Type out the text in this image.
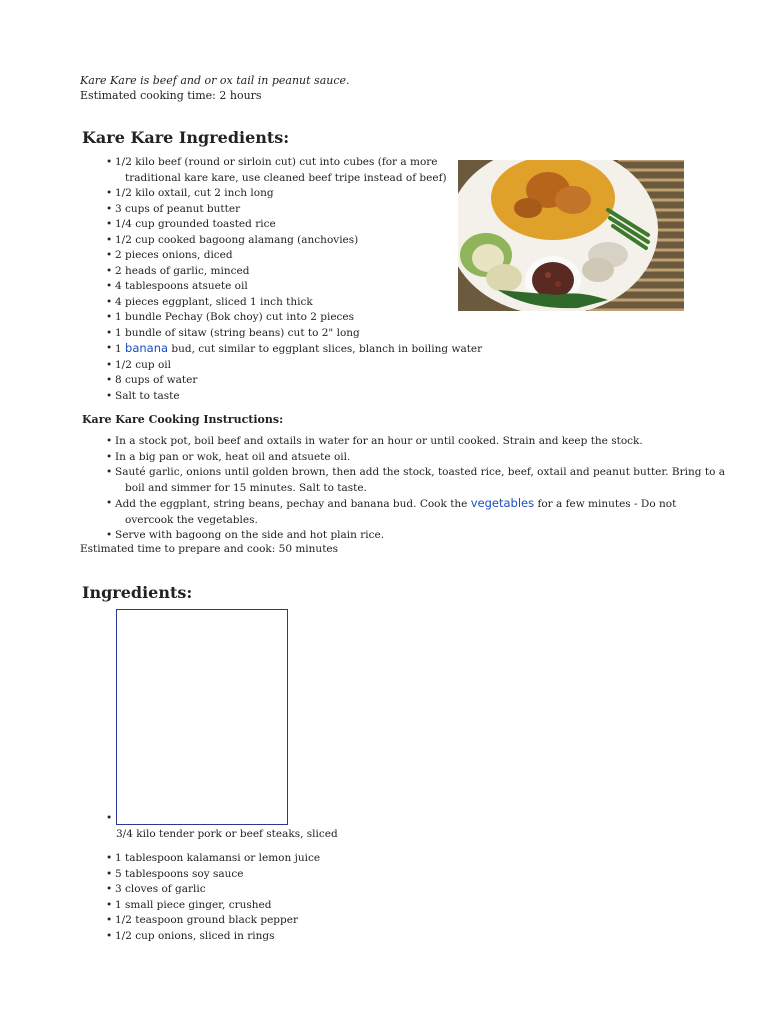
Kare Kare is beef and or ox tail in peanut sauce.
Estimated cooking time: 2 hours
Kare Kare Ingredients:
• 1/2 kilo beef (round or sirloin cut) cut into cubes (for a more
traditional kare kare, use cleaned beef tripe instead of beef)
• 1/2 kilo oxtail, cut 2 inch long
• 3 cups of peanut butter
• 1/4 cup grounded toasted rice
• 1/2 cup cooked bagoong alamang (anchovies)
• 2 pieces onions, diced
• 2 heads of garlic, minced
• 4 tablespoons atsuete oil
• 4 pieces eggplant, sliced 1 inch thick
• 1 bundle Pechay (Bok choy) cut into 2 pieces
• 1 bundle of sitaw (string beans) cut to 2" long
• 1 banana bud, cut similar to eggplant slices, blanch in boiling water
• 1/2 cup oil
• 8 cups of water
• Salt to taste
Kare Kare Cooking Instructions:
• In a stock pot, boil beef and oxtails in water for an hour or until cooked. Strain and keep the stock.
• In a big pan or wok, heat oil and atsuete oil.
• Sauté garlic, onions until golden brown, then add the stock, toasted rice, beef, oxtail and peanut butter. Bring to a
boil and simmer for 15 minutes. Salt to taste.
• Add the eggplant, string beans, pechay and banana bud. Cook the vegetables for a few minutes - Do not
overcook the vegetables.
• Serve with bagoong on the side and hot plain rice.
Estimated time to prepare and cook: 50 minutes
Ingredients:
•
3/4 kilo tender pork or beef steaks, sliced
• 1 tablespoon kalamansi or lemon juice
• 5 tablespoons soy sauce
• 3 cloves of garlic
• 1 small piece ginger, crushed
• 1/2 teaspoon ground black pepper
• 1/2 cup onions, sliced in rings
